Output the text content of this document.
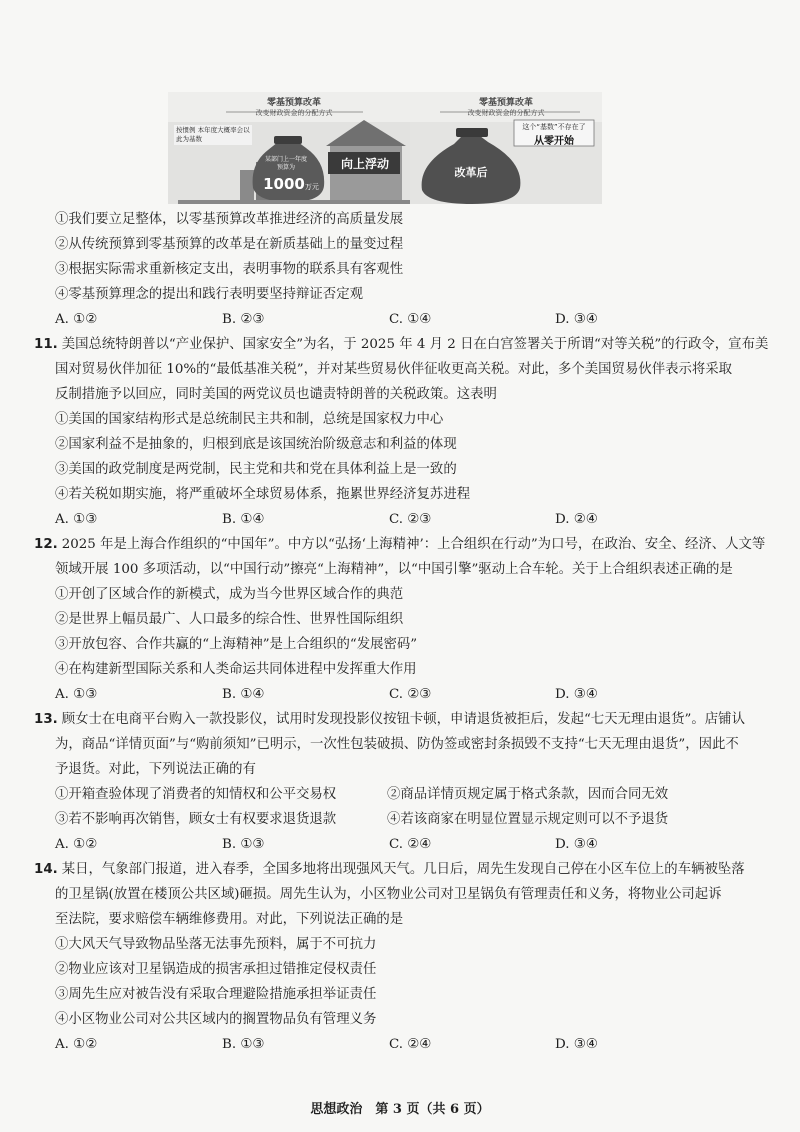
零基预算改革
改变财政资金的分配方式
按惯例 本年度大概率会以此为基数
某部门上一年度预算为
1000万元
向上浮动
零基预算改革
改变财政资金的分配方式
这个“基数”不存在了
从零开始
改革后
①我们要立足整体，以零基预算改革推进经济的高质量发展
②从传统预算到零基预算的改革是在新质基础上的量变过程
③根据实际需求重新核定支出，表明事物的联系具有客观性
④零基预算理念的提出和践行表明要坚持辩证否定观
A. ①②	B. ②③	C. ①④	D. ③④
11. 美国总统特朗普以“产业保护、国家安全”为名，于 2025 年 4 月 2 日在白宫签署关于所谓“对等关税”的行政令，宣布美
国对贸易伙伴加征 10%的“最低基准关税”，并对某些贸易伙伴征收更高关税。对此，多个美国贸易伙伴表示将采取
反制措施予以回应，同时美国的两党议员也谴责特朗普的关税政策。这表明
①美国的国家结构形式是总统制民主共和制，总统是国家权力中心
②国家利益不是抽象的，归根到底是该国统治阶级意志和利益的体现
③美国的政党制度是两党制，民主党和共和党在具体利益上是一致的
④若关税如期实施，将严重破坏全球贸易体系，拖累世界经济复苏进程
A. ①③	B. ①④	C. ②③	D. ②④
12. 2025 年是上海合作组织的“中国年”。中方以“弘扬‘上海精神’：上合组织在行动”为口号，在政治、安全、经济、人文等
领域开展 100 多项活动，以“中国行动”擦亮“上海精神”，以“中国引擎”驱动上合车轮。关于上合组织表述正确的是
①开创了区域合作的新模式，成为当今世界区域合作的典范
②是世界上幅员最广、人口最多的综合性、世界性国际组织
③开放包容、合作共赢的“上海精神”是上合组织的“发展密码”
④在构建新型国际关系和人类命运共同体进程中发挥重大作用
A. ①③	B. ①④	C. ②③	D. ③④
13. 顾女士在电商平台购入一款投影仪，试用时发现投影仪按钮卡顿，申请退货被拒后，发起“七天无理由退货”。店铺认
为，商品“详情页面”与“购前须知”已明示，一次性包装破损、防伪签或密封条损毁不支持“七天无理由退货”，因此不
予退货。对此，下列说法正确的有
①开箱查验体现了消费者的知情权和公平交易权	②商品详情页规定属于格式条款，因而合同无效
③若不影响再次销售，顾女士有权要求退货退款	④若该商家在明显位置显示规定则可以不予退货
A. ①②	B. ①③	C. ②④	D. ③④
14. 某日，气象部门报道，进入春季，全国多地将出现强风天气。几日后，周先生发现自己停在小区车位上的车辆被坠落
的卫星锅(放置在楼顶公共区域)砸损。周先生认为，小区物业公司对卫星锅负有管理责任和义务，将物业公司起诉
至法院，要求赔偿车辆维修费用。对此，下列说法正确的是
①大风天气导致物品坠落无法事先预料，属于不可抗力
②物业应该对卫星锅造成的损害承担过错推定侵权责任
③周先生应对被告没有采取合理避险措施承担举证责任
④小区物业公司对公共区域内的搁置物品负有管理义务
A. ①②	B. ①③	C. ②④	D. ③④
思想政治　第 3 页（共 6 页）
